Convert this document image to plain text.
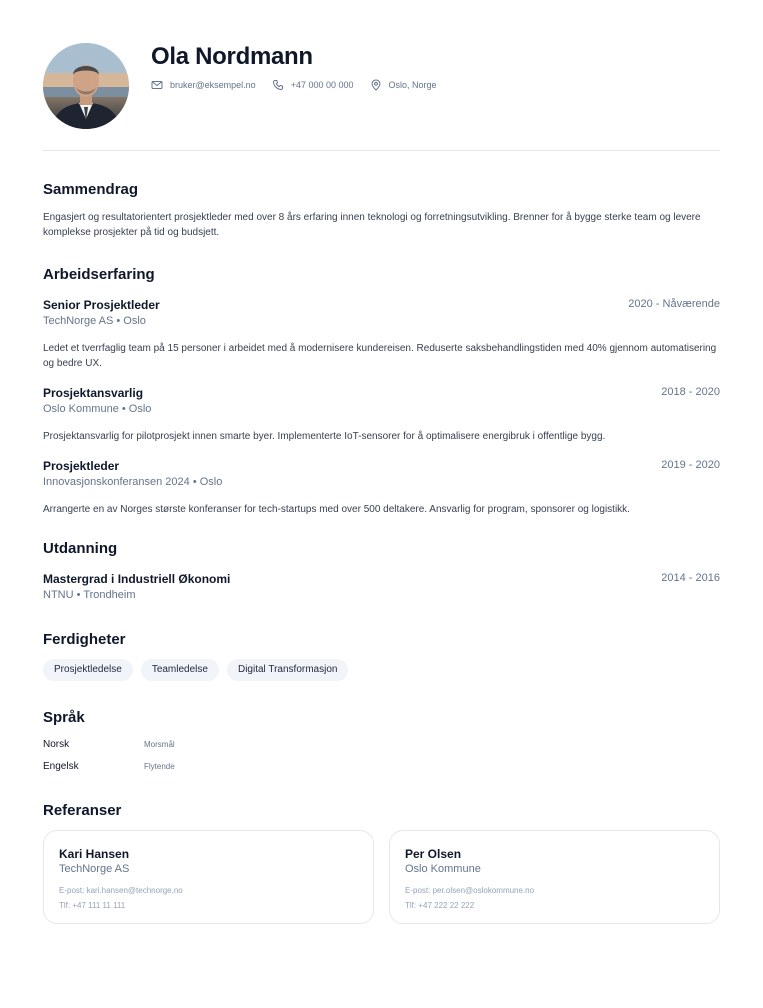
Ola Nordmann
bruker@eksempel.no	+47 000 00 000	Oslo, Norge
Sammendrag
Engasjert og resultatorientert prosjektleder med over 8 års erfaring innen teknologi og forretningsutvikling. Brenner for å bygge sterke team og levere komplekse prosjekter på tid og budsjett.
Arbeidserfaring
Senior Prosjektleder
TechNorge AS • Oslo
2020 - Nåværende
Ledet et tverrfaglig team på 15 personer i arbeidet med å modernisere kundereisen. Reduserte saksbehandlingstiden med 40% gjennom automatisering og bedre UX.
Prosjektansvarlig
Oslo Kommune • Oslo
2018 - 2020
Prosjektansvarlig for pilotprosjekt innen smarte byer. Implementerte IoT-sensorer for å optimalisere energibruk i offentlige bygg.
Prosjektleder
Innovasjonskonferansen 2024 • Oslo
2019 - 2020
Arrangerte en av Norges største konferanser for tech-startups med over 500 deltakere. Ansvarlig for program, sponsorer og logistikk.
Utdanning
Mastergrad i Industriell Økonomi
NTNU • Trondheim
2014 - 2016
Ferdigheter
Prosjektledelse	Teamledelse	Digital Transformasjon
Språk
Norsk	Morsmål
Engelsk	Flytende
Referanser
Kari Hansen
TechNorge AS
E-post: kari.hansen@technorge.no
Tlf: +47 111 11 111
Per Olsen
Oslo Kommune
E-post: per.olsen@oslokommune.no
Tlf: +47 222 22 222
